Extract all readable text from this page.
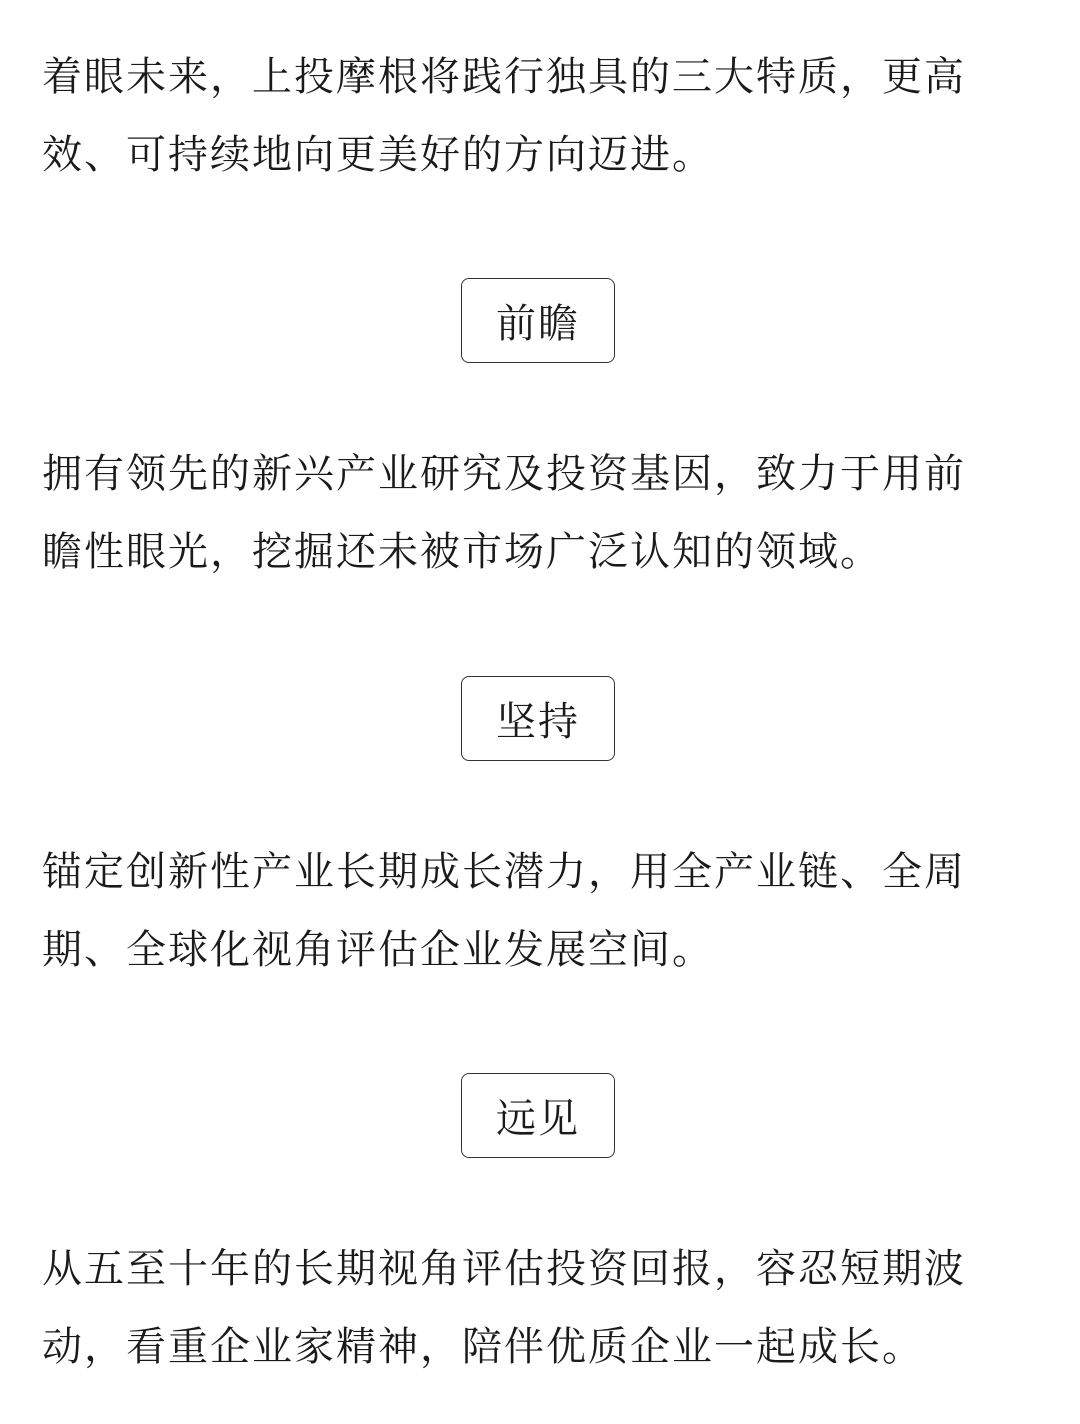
着眼未来，上投摩根将践行独具的三大特质，更高
效、可持续地向更美好的方向迈进。

前瞻

拥有领先的新兴产业研究及投资基因，致力于用前
瞻性眼光，挖掘还未被市场广泛认知的领域。

坚持

锚定创新性产业长期成长潜力，用全产业链、全周
期、全球化视角评估企业发展空间。

远见

从五至十年的长期视角评估投资回报，容忍短期波
动，看重企业家精神，陪伴优质企业一起成长。
